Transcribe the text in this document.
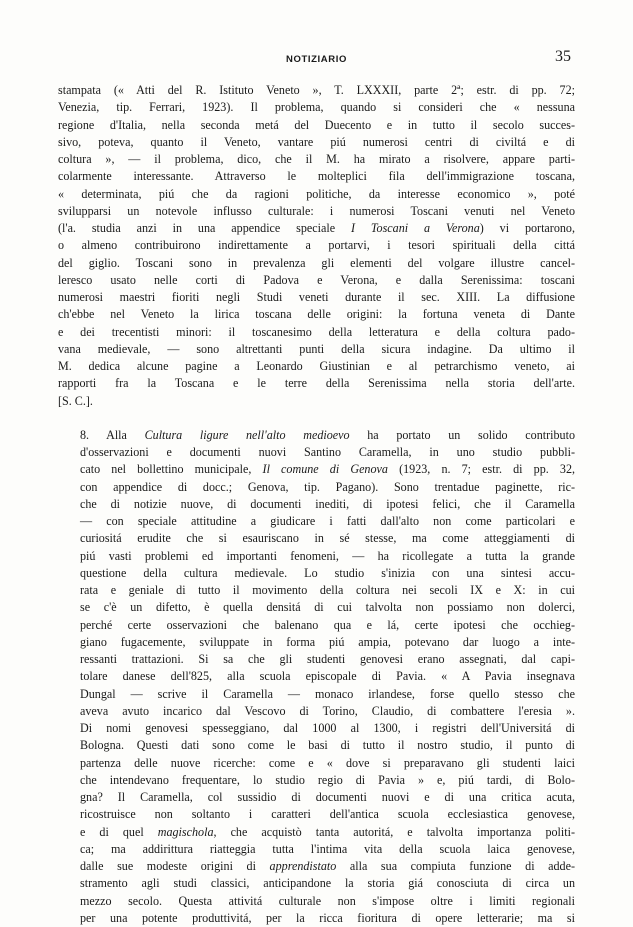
NOTIZIARIO	35

stampata (« Atti del R. Istituto Veneto », T. LXXXII, parte 2ª; estr. di pp. 72;
Venezia, tip. Ferrari, 1923). Il problema, quando si consideri che « nessuna
regione d'Italia, nella seconda metá del Duecento e in tutto il secolo succes-
sivo, poteva, quanto il Veneto, vantare piú numerosi centri di civiltá e di
coltura », — il problema, dico, che il M. ha mirato a risolvere, appare parti-
colarmente interessante. Attraverso le molteplici fila dell'immigrazione toscana,
« determinata, piú che da ragioni politiche, da interesse economico », poté
svilupparsi un notevole influsso culturale: i numerosi Toscani venuti nel Veneto
(l'a. studia anzi in una appendice speciale I Toscani a Verona) vi portarono,
o almeno contribuirono indirettamente a portarvi, i tesori spirituali della cittá
del giglio. Toscani sono in prevalenza gli elementi del volgare illustre cancel-
leresco usato nelle corti di Padova e Verona, e dalla Serenissima: toscani
numerosi maestri fioriti negli Studi veneti durante il sec. XIII. La diffusione
ch'ebbe nel Veneto la lirica toscana delle origini: la fortuna veneta di Dante
e dei trecentisti minori: il toscanesimo della letteratura e della coltura pado-
vana medievale, — sono altrettanti punti della sicura indagine. Da ultimo il
M. dedica alcune pagine a Leonardo Giustinian e al petrarchismo veneto, ai
rapporti fra la Toscana e le terre della Serenissima nella storia dell'arte.
[S. C.].

8. Alla Cultura ligure nell'alto medioevo ha portato un solido contributo
d'osservazioni e documenti nuovi Santino Caramella, in uno studio pubbli-
cato nel bollettino municipale, Il comune di Genova (1923, n. 7; estr. di pp. 32,
con appendice di docc.; Genova, tip. Pagano). Sono trentadue paginette, ric-
che di notizie nuove, di documenti inediti, di ipotesi felici, che il Caramella
— con speciale attitudine a giudicare i fatti dall'alto non come particolari e
curiositá erudite che si esauriscano in sé stesse, ma come atteggiamenti di
piú vasti problemi ed importanti fenomeni, — ha ricollegate a tutta la grande
questione della cultura medievale. Lo studio s'inizia con una sintesi accu-
rata e geniale di tutto il movimento della coltura nei secoli IX e X: in cui
se c'è un difetto, è quella densitá di cui talvolta non possiamo non dolerci,
perché certe osservazioni che balenano qua e lá, certe ipotesi che occhieg-
giano fugacemente, sviluppate in forma piú ampia, potevano dar luogo a inte-
ressanti trattazioni. Si sa che gli studenti genovesi erano assegnati, dal capi-
tolare danese dell'825, alla scuola episcopale di Pavia. « A Pavia insegnava
Dungal — scrive il Caramella — monaco irlandese, forse quello stesso che
aveva avuto incarico dal Vescovo di Torino, Claudio, di combattere l'eresia ».
Di nomi genovesi spesseggiano, dal 1000 al 1300, i registri dell'Universitá di
Bologna. Questi dati sono come le basi di tutto il nostro studio, il punto di
partenza delle nuove ricerche: come e « dove si preparavano gli studenti laici
che intendevano frequentare, lo studio regio di Pavia » e, piú tardi, di Bolo-
gna? Il Caramella, col sussidio di documenti nuovi e di una critica acuta,
ricostruisce non soltanto i caratteri dell'antica scuola ecclesiastica genovese,
e di quel magischola, che acquistò tanta autoritá, e talvolta importanza politi-
ca; ma addirittura riatteggia tutta l'intima vita della scuola laica genovese,
dalle sue modeste origini di apprendistato alla sua compiuta funzione di adde-
stramento agli studi classici, anticipandone la storia giá conosciuta di circa un
mezzo secolo. Questa attivitá culturale non s'impose oltre i limiti regionali
per una potente produttivitá, per la ricca fioritura di opere letterarie; ma si
